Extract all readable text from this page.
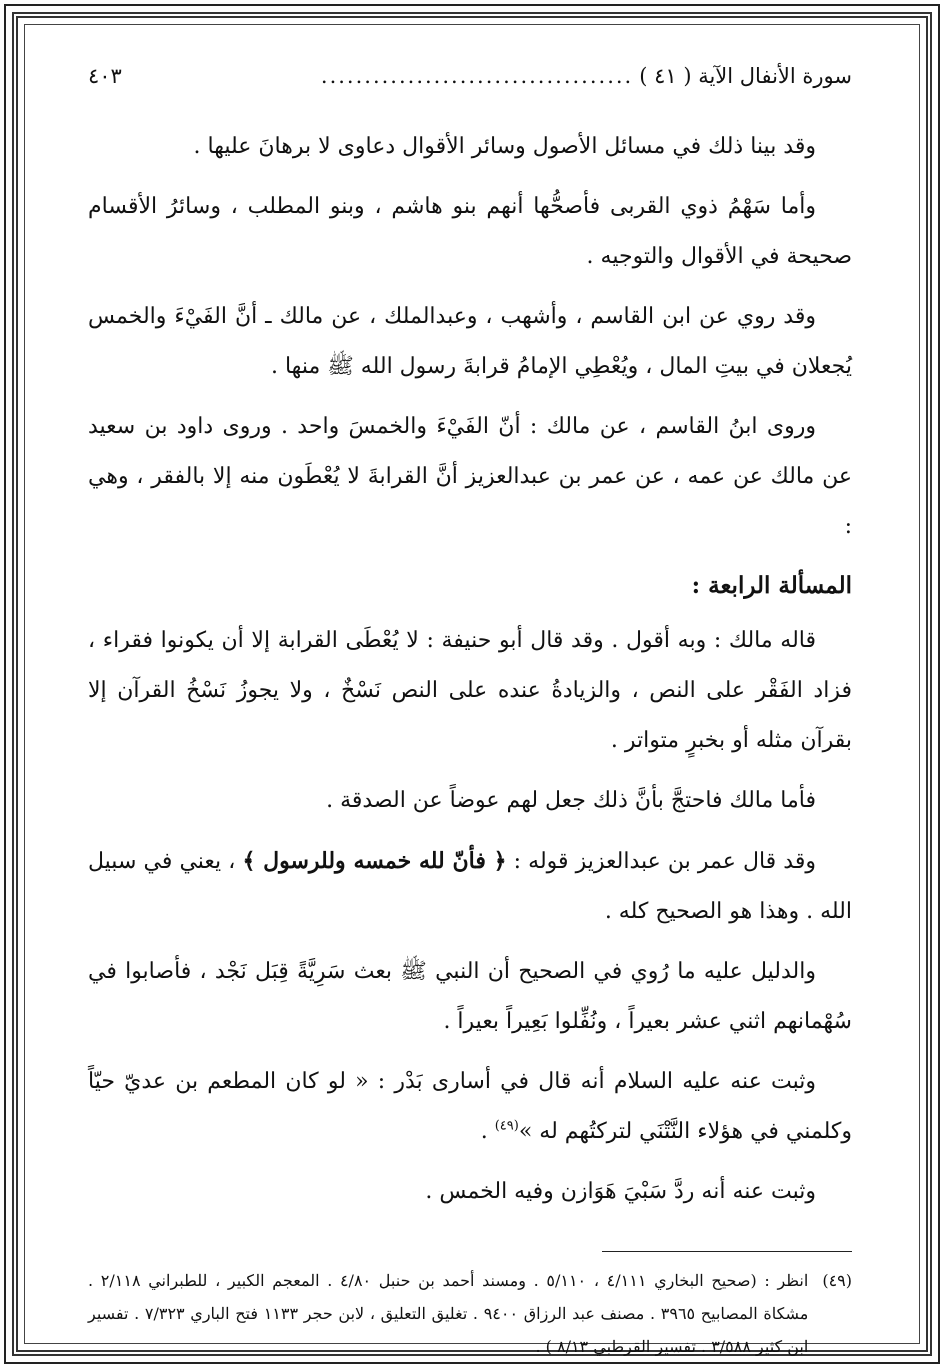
سورة الأنفال الآية ( ٤١ )
....................................
٤٠٣

وقد بينا ذلك في مسائل الأصول وسائر الأقوال دعاوى لا برهانَ عليها .

وأما سَهْمُ ذوي القربى فأصحُّها أنهم بنو هاشم ، وبنو المطلب ، وسائرُ الأقسام صحيحة في الأقوال والتوجيه .

وقد روي عن ابن القاسم ، وأشهب ، وعبدالملك ، عن مالك ـ أنَّ الفَيْءَ والخمس يُجعلان في بيتِ المال ، ويُعْطِي الإمامُ قرابةَ رسول الله ﷺ منها .

وروى ابنُ القاسم ، عن مالك : أنّ الفَيْءَ والخمسَ واحد . وروى داود بن سعيد عن مالك عن عمه ، عن عمر بن عبدالعزيز أنَّ القرابةَ لا يُعْطَون منه إلا بالفقر ، وهي :

المسألة الرابعة :

قاله مالك : وبه أقول . وقد قال أبو حنيفة : لا يُعْطَى القرابة إلا أن يكونوا فقراء ، فزاد الفَقْر على النص ، والزيادةُ عنده على النص نَسْخٌ ، ولا يجوزُ نَسْخُ القرآن إلا بقرآن مثله أو بخبرٍ متواتر .

فأما مالك فاحتجَّ بأنَّ ذلك جعل لهم عوضاً عن الصدقة .

وقد قال عمر بن عبدالعزيز قوله : ﴿ فأنّ لله خمسه وللرسول ﴾ ، يعني في سبيل الله . وهذا هو الصحيح كله .

والدليل عليه ما رُوي في الصحيح أن النبي ﷺ بعث سَرِيَّةً قِبَل نَجْد ، فأصابوا في سُهْمانهم اثني عشر بعيراً ، ونُفِّلوا بَعِيراً بعيراً .

وثبت عنه عليه السلام أنه قال في أسارى بَدْر : « لو كان المطعم بن عديّ حيّاً وكلمني في هؤلاء النَّتْنَي لتركتُهم له »$^{(٤٩)}$ .

وثبت عنه أنه ردَّ سَبْيَ هَوَازن وفيه الخمس .

(٤٩)
انظر : (صحيح البخاري ٤/١١١ ، ٥/١١٠ . ومسند أحمد بن حنبل ٤/٨٠ . المعجم الكبير ، للطبراني ٢/١١٨ . مشكاة المصابيح ٣٩٦٥ . مصنف عبد الرزاق ٩٤٠٠ . تغليق التعليق ، لابن حجر ١١٣٣ فتح الباري ٧/٣٢٣ . تفسير ابن كثير ٣/٥٨٨ . تفسير القرطبي ٨/١٣ ) .
